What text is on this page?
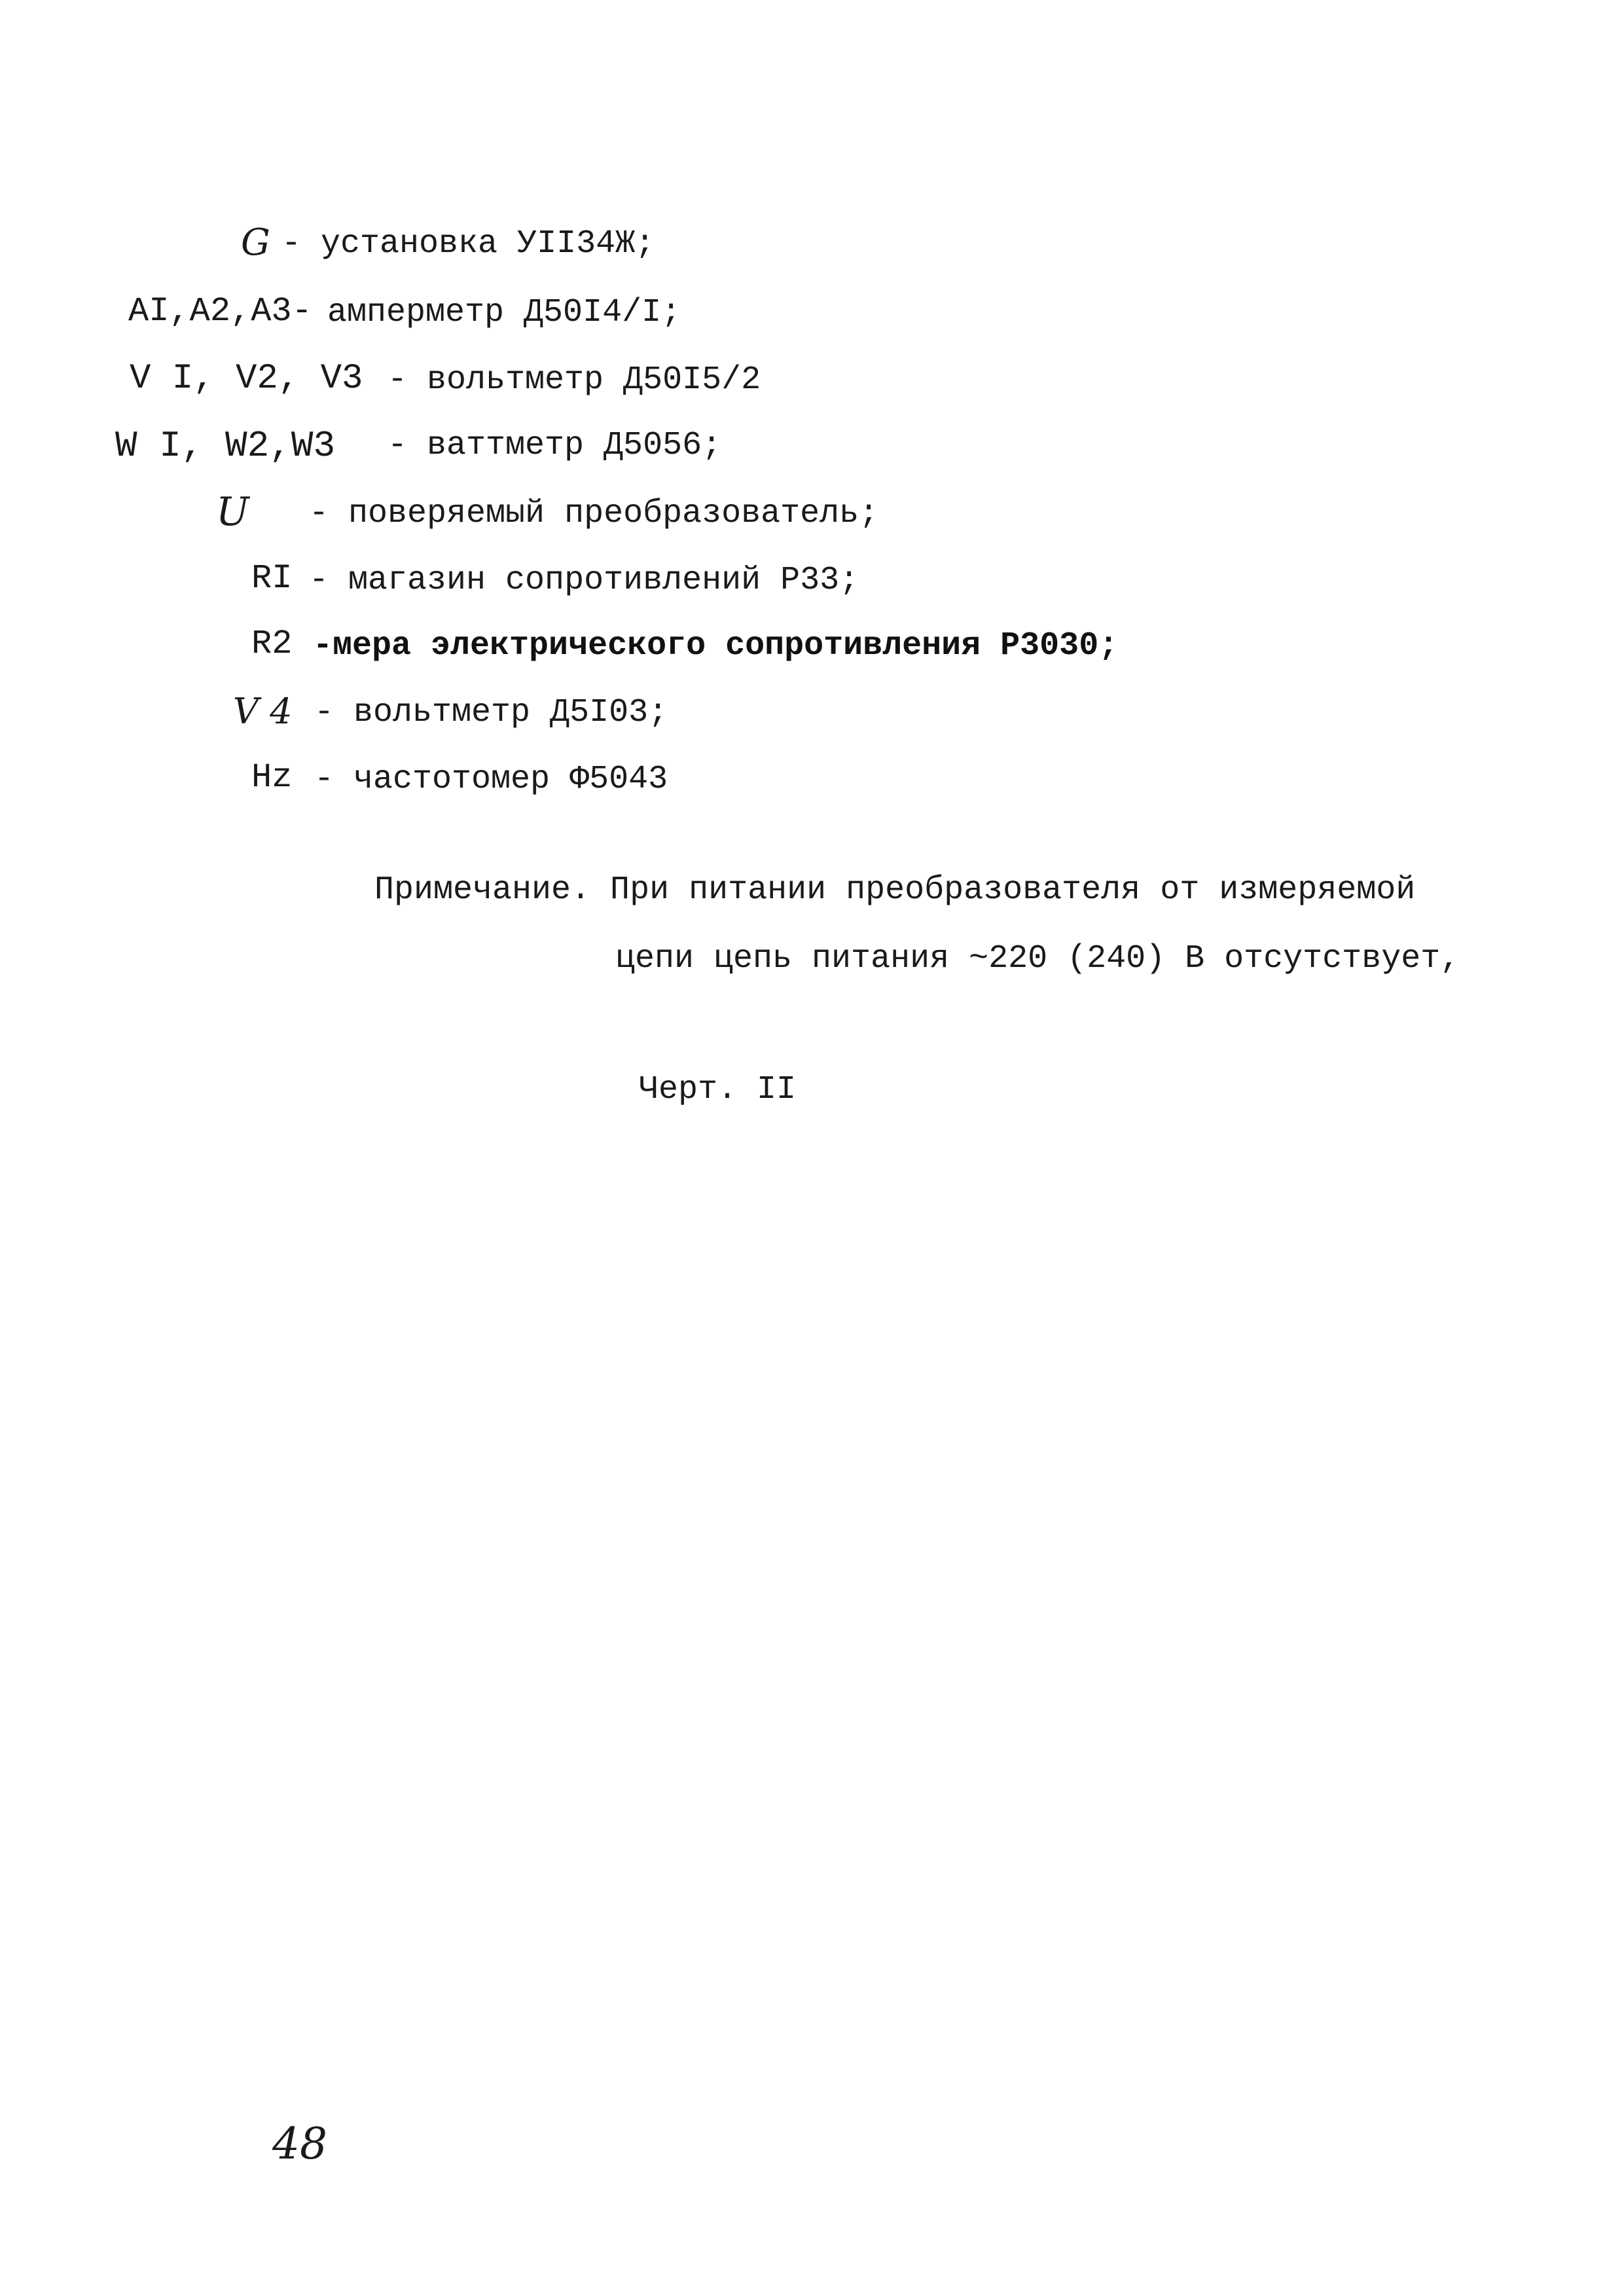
G - установка УII34Ж;
AI,A2,A3- амперметр Д50I4/I;
V I, V2, V3 - вольтметр Д50I5/2
W I, W2,W3 - ваттметр Д5056;
U - поверяемый преобразователь;
RI - магазин сопротивлений Р33;
R2 -мера электрического сопротивления Р3030;
V 4 - вольтметр Д5I03;
Hz - частотомер Ф5043
Примечание. При питании преобразователя от измеряемой
цепи цепь питания ~220 (240) В отсутствует,
Черт. II
48
